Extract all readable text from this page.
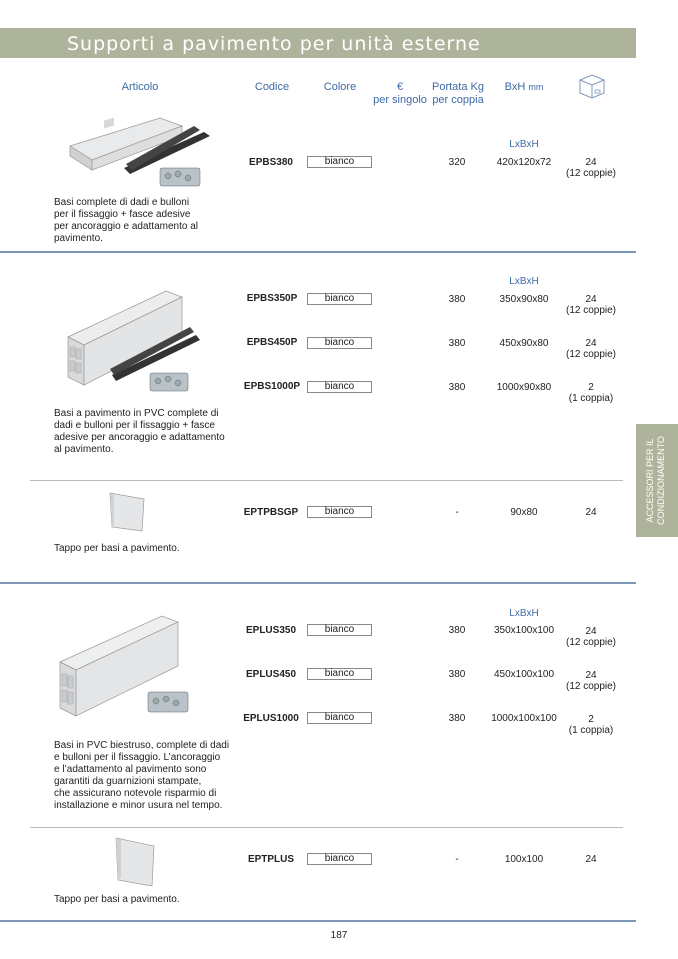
Supporti a pavimento per unità esterne
Articolo	Codice	Colore	€
per singolo
Portata Kg
per coppia
BxH mm
Basi complete di dadi e bulloni
per il fissaggio + fasce adesive
per ancoraggio e adattamento al
pavimento.
LxBxH
EPBS380	bianco	320	420x120x72	24
(12 coppie)
Basi a pavimento in PVC complete di
dadi e bulloni per il fissaggio + fasce
adesive per ancoraggio e adattamento
al pavimento.
LxBxH
EPBS350P	bianco	380	350x90x80	24
(12 coppie)
EPBS450P	bianco	380	450x90x80	24
(12 coppie)
EPBS1000P	bianco	380	1000x90x80	2
(1 coppia)
Tappo per basi a pavimento.
EPTPBSGP	bianco	-	90x80	24
Basi in PVC biestruso, complete di dadi
e bulloni per il fissaggio. L’ancoraggio
e l’adattamento al pavimento sono
garantiti da guarnizioni stampate,
che assicurano notevole risparmio di
installazione e minor usura nel tempo.
LxBxH
EPLUS350	bianco	380	350x100x100	24
(12 coppie)
EPLUS450	bianco	380	450x100x100	24
(12 coppie)
EPLUS1000	bianco	380	1000x100x100	2
(1 coppia)
Tappo per basi a pavimento.
EPTPLUS	bianco	-	100x100	24
ACCESSORI PER IL CONDIZIONAMENTO
187
